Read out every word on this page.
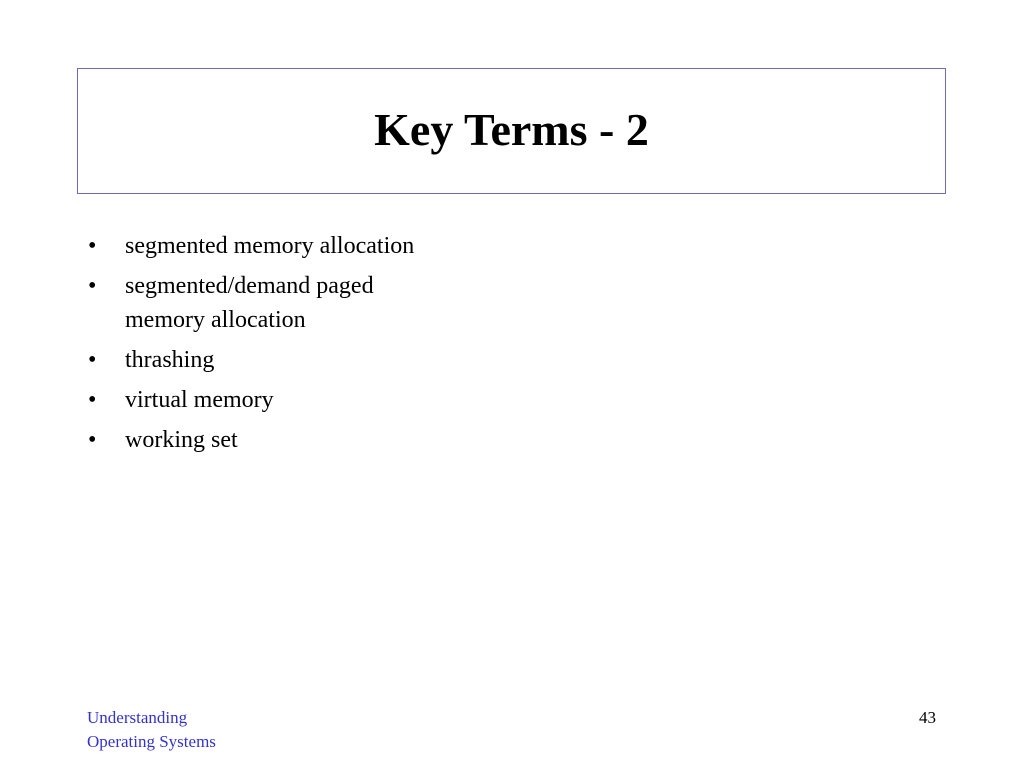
Key Terms - 2
•	segmented memory allocation
•	segmented/demand paged memory allocation
•	thrashing
•	virtual memory
•	working set
Understanding
Operating Systems
43
